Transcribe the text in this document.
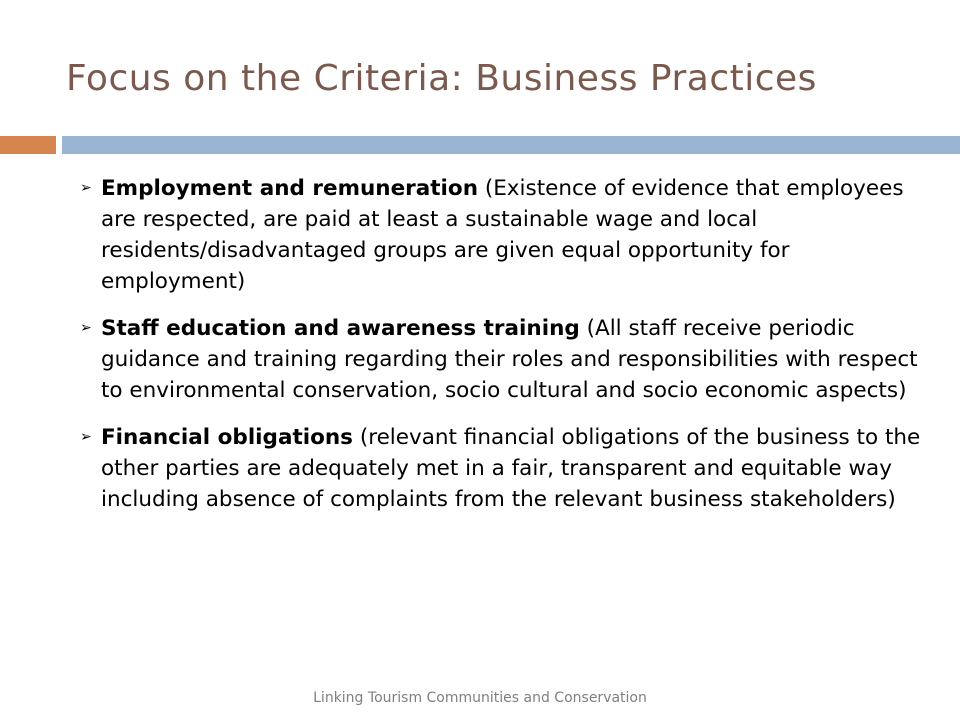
Focus on the Criteria: Business Practices
➢ Employment and remuneration (Existence of evidence that employees are respected, are paid at least a sustainable wage and local residents/disadvantaged groups are given equal opportunity for employment)
➢ Staff education and awareness training (All staff receive periodic guidance and training regarding their roles and responsibilities with respect to environmental conservation, socio cultural and socio economic aspects)
➢ Financial obligations (relevant financial obligations of the business to the other parties are adequately met in a fair, transparent and equitable way including absence of complaints from the relevant business stakeholders)
Linking Tourism Communities and Conservation
